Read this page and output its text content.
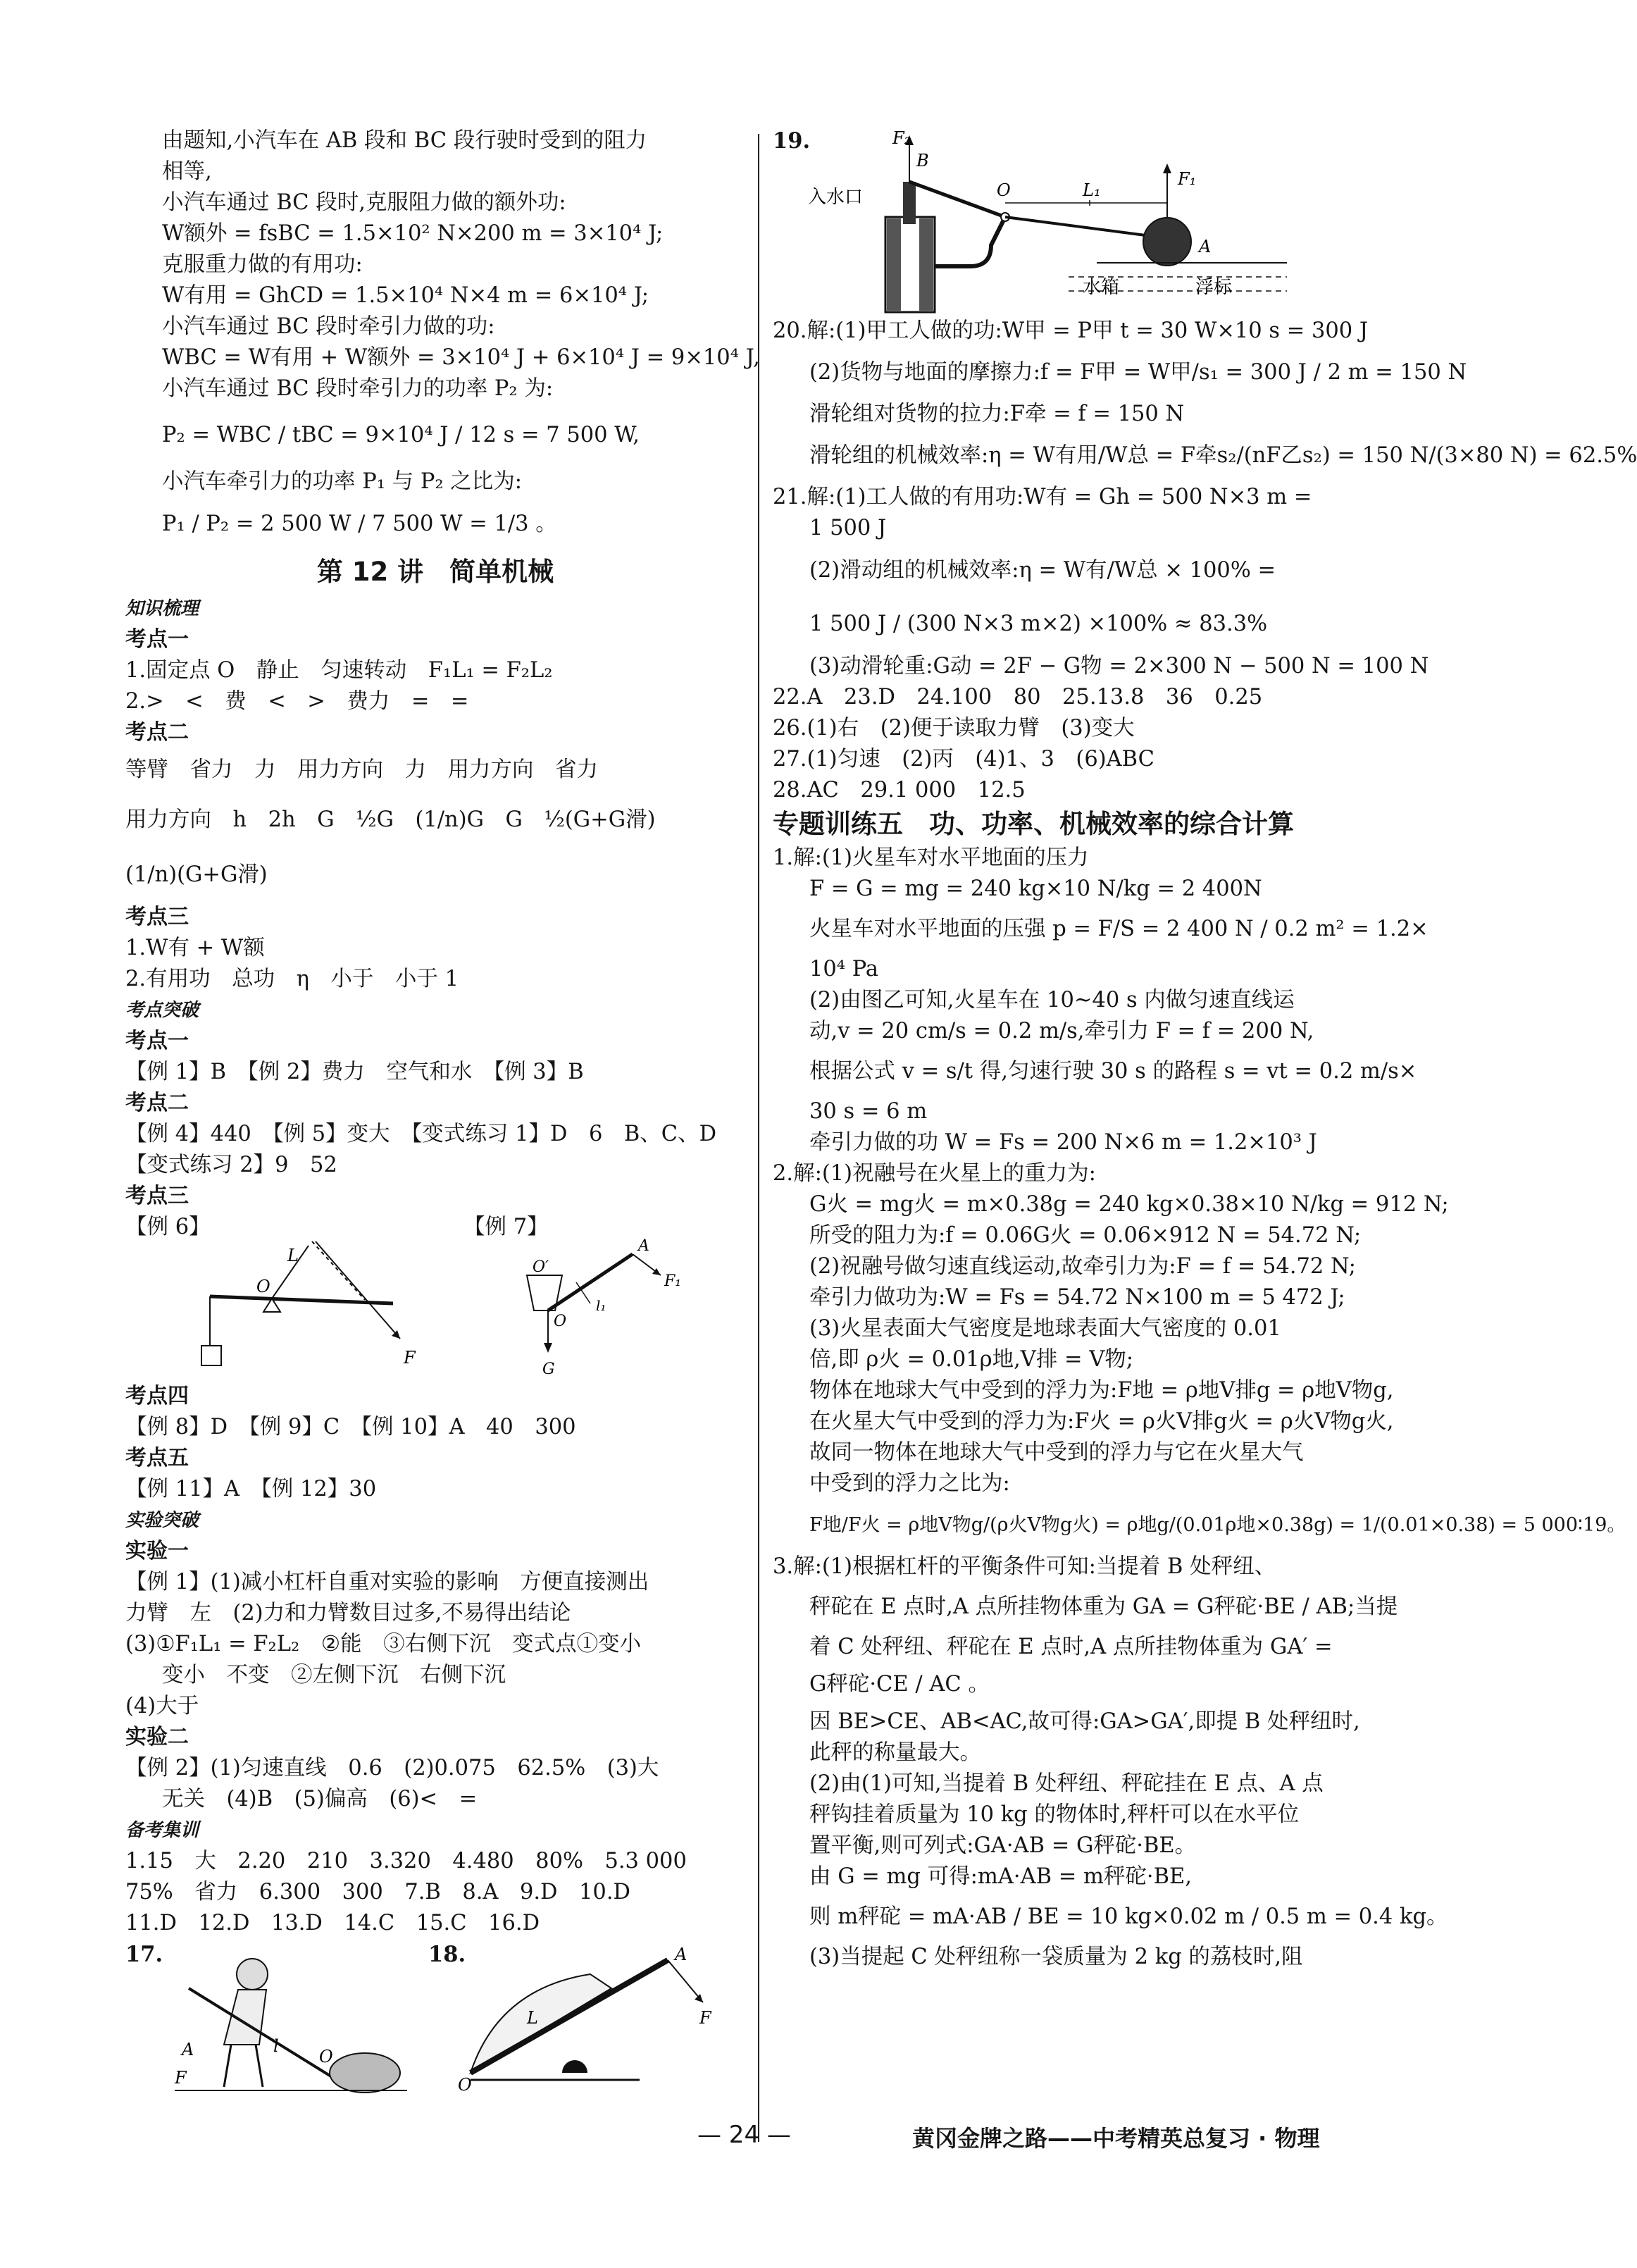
由题知,小汽车在 AB 段和 BC 段行驶时受到的阻力
相等,
小汽车通过 BC 段时,克服阻力做的额外功:
W额外 = fsBC = 1.5×10² N×200 m = 3×10⁴ J;
克服重力做的有用功:
W有用 = GhCD = 1.5×10⁴ N×4 m = 6×10⁴ J;
小汽车通过 BC 段时牵引力做的功:
WBC = W有用 + W额外 = 3×10⁴ J + 6×10⁴ J = 9×10⁴ J,
小汽车通过 BC 段时牵引力的功率 P₂ 为:
P₂ = WBC / tBC = 9×10⁴ J / 12 s = 7 500 W,
小汽车牵引力的功率 P₁ 与 P₂ 之比为:
P₁ / P₂ = 2 500 W / 7 500 W = 1/3 。
第 12 讲　简单机械
知识梳理
考点一
1.固定点 O　静止　匀速转动　F₁L₁ = F₂L₂
2.>　<　费　<　>　费力　=　=
考点二
等臂　省力　力　用力方向　力　用力方向　省力
用力方向　h　2h　G　½G　(1/n)G　G　½(G+G滑)
(1/n)(G+G滑)
考点三
1.W有 + W额
2.有用功　总功　η　小于　小于 1
考点突破
考点一
【例 1】B　【例 2】费力　空气和水　【例 3】B
考点二
【例 4】440　【例 5】变大　【变式练习 1】D　6　B、C、D
【变式练习 2】9　52
考点三
【例 6】	【例 7】
O
L
F
O′
O
A
F₁
l₁
G
考点四
【例 8】D　【例 9】C　【例 10】A　40　300
考点五
【例 11】A　【例 12】30
实验突破
实验一
【例 1】(1)减小杠杆自重对实验的影响　方便直接测出
力臂　左　(2)力和力臂数目过多,不易得出结论
(3)①F₁L₁ = F₂L₂　②能　③右侧下沉　变式点①变小
变小　不变　②左侧下沉　右侧下沉
(4)大于
实验二
【例 2】(1)匀速直线　0.6　(2)0.075　62.5%　(3)大
无关　(4)B　(5)偏高　(6)<　=
备考集训
1.15　大　2.20　210　3.320　4.480　80%　5.3 000
75%　省力　6.300　300　7.B　8.A　9.D　10.D
11.D　12.D　13.D　14.C　15.C　16.D
17.	18.
A
F
l
O
O
L
A
F
19.	F₂
B
O	L₁
F₁
A
入水口
水箱	浮标
20.解:(1)甲工人做的功:W甲 = P甲 t = 30 W×10 s = 300 J
(2)货物与地面的摩擦力:f = F甲 = W甲/s₁ = 300 J / 2 m = 150 N
滑轮组对货物的拉力:F牵 = f = 150 N
滑轮组的机械效率:η = W有用/W总 = F牵s₂/(nF乙s₂) = 150 N/(3×80 N) = 62.5%
21.解:(1)工人做的有用功:W有 = Gh = 500 N×3 m =
1 500 J
(2)滑动组的机械效率:η = W有/W总 × 100% =
1 500 J / (300 N×3 m×2) ×100% ≈ 83.3%
(3)动滑轮重:G动 = 2F − G物 = 2×300 N − 500 N = 100 N
22.A　23.D　24.100　80　25.13.8　36　0.25
26.(1)右　(2)便于读取力臂　(3)变大
27.(1)匀速　(2)丙　(4)1、3　(6)ABC
28.AC　29.1 000　12.5
专题训练五　功、功率、机械效率的综合计算
1.解:(1)火星车对水平地面的压力
F = G = mg = 240 kg×10 N/kg = 2 400N
火星车对水平地面的压强 p = F/S = 2 400 N / 0.2 m² = 1.2×
10⁴ Pa
(2)由图乙可知,火星车在 10~40 s 内做匀速直线运
动,v = 20 cm/s = 0.2 m/s,牵引力 F = f = 200 N,
根据公式 v = s/t 得,匀速行驶 30 s 的路程 s = vt = 0.2 m/s×
30 s = 6 m
牵引力做的功 W = Fs = 200 N×6 m = 1.2×10³ J
2.解:(1)祝融号在火星上的重力为:
G火 = mg火 = m×0.38g = 240 kg×0.38×10 N/kg = 912 N;
所受的阻力为:f = 0.06G火 = 0.06×912 N = 54.72 N;
(2)祝融号做匀速直线运动,故牵引力为:F = f = 54.72 N;
牵引力做功为:W = Fs = 54.72 N×100 m = 5 472 J;
(3)火星表面大气密度是地球表面大气密度的 0.01
倍,即 ρ火 = 0.01ρ地,V排 = V物;
物体在地球大气中受到的浮力为:F地 = ρ地V排g = ρ地V物g,
在火星大气中受到的浮力为:F火 = ρ火V排g火 = ρ火V物g火,
故同一物体在地球大气中受到的浮力与它在火星大气
中受到的浮力之比为:
F地/F火 = ρ地V物g/(ρ火V物g火) = ρ地g/(0.01ρ地×0.38g) = 1/(0.01×0.38) = 5 000∶19。
3.解:(1)根据杠杆的平衡条件可知:当提着 B 处秤纽、
秤砣在 E 点时,A 点所挂物体重为 GA = G秤砣·BE / AB;当提
着 C 处秤纽、秤砣在 E 点时,A 点所挂物体重为 GA′ =
G秤砣·CE / AC 。
因 BE>CE、AB<AC,故可得:GA>GA′,即提 B 处秤纽时,
此秤的称量最大。
(2)由(1)可知,当提着 B 处秤纽、秤砣挂在 E 点、A 点
秤钩挂着质量为 10 kg 的物体时,秤杆可以在水平位
置平衡,则可列式:GA·AB = G秤砣·BE。
由 G = mg 可得:mA·AB = m秤砣·BE,
则 m秤砣 = mA·AB / BE = 10 kg×0.02 m / 0.5 m = 0.4 kg。
(3)当提起 C 处秤纽称一袋质量为 2 kg 的荔枝时,阻
— 24 —	黄冈金牌之路——中考精英总复习 · 物理
